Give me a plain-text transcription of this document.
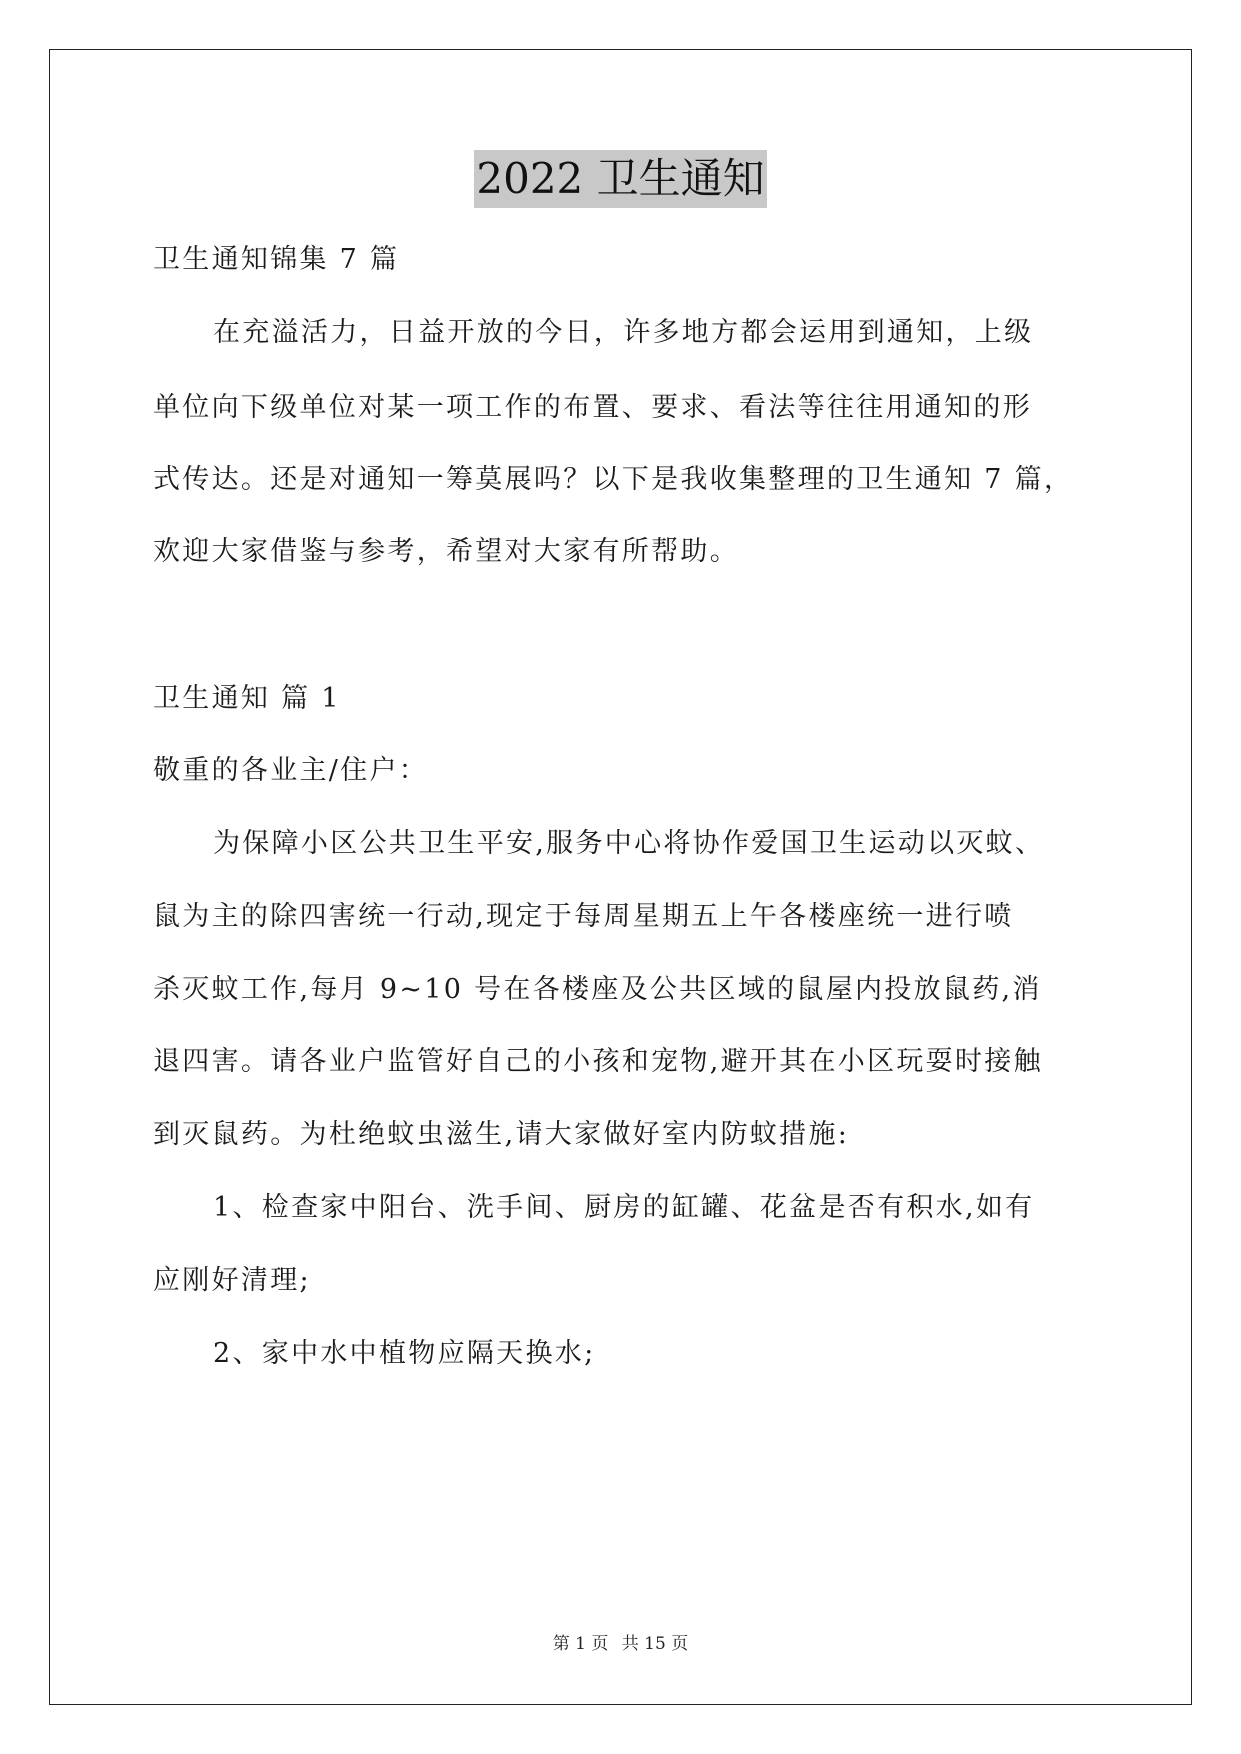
2022 卫生通知
卫生通知锦集 7 篇
在充溢活力，日益开放的今日，许多地方都会运用到通知，上级
单位向下级单位对某一项工作的布置、要求、看法等往往用通知的形
式传达。还是对通知一筹莫展吗？以下是我收集整理的卫生通知 7 篇，
欢迎大家借鉴与参考，希望对大家有所帮助。
卫生通知 篇 1
敬重的各业主/住户：
为保障小区公共卫生平安,服务中心将协作爱国卫生运动以灭蚊、
鼠为主的除四害统一行动,现定于每周星期五上午各楼座统一进行喷
杀灭蚊工作,每月 9~10 号在各楼座及公共区域的鼠屋内投放鼠药,消
退四害。请各业户监管好自己的小孩和宠物,避开其在小区玩耍时接触
到灭鼠药。为杜绝蚊虫滋生,请大家做好室内防蚊措施:
1、检查家中阳台、洗手间、厨房的缸罐、花盆是否有积水,如有
应刚好清理;
2、家中水中植物应隔天换水;
第 1 页 共 15 页
